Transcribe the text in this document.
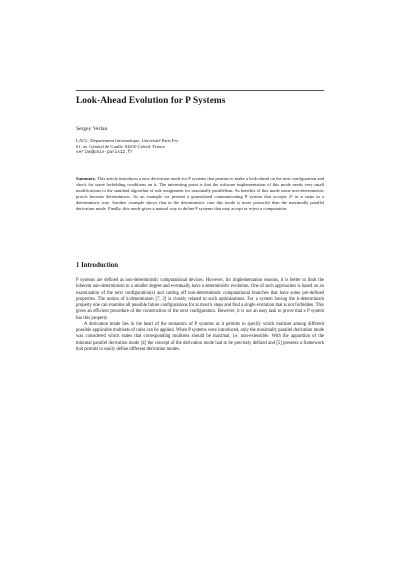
Look-Ahead Evolution for P Systems
Sergey Verlan
LACL, Département Informatique, Université Paris Est
61, av. Général de Gaulle, 94010 Créteil, France
verlan@univ-paris12.fr
Summary. This article introduces a new derivation mode for P systems that permits to make a look-ahead on the next configuration and check for some forbidding conditions on it. The interesting point is that the software implementation of this mode needs very small modifications to the standard algorithm of rule assignment for maximally parallelism. As benefits of this mode some non-deterministic proofs become deterministic. As an example we present a generalized communicating P system that accepts 2ⁿ in n steps in a deterministic way. Another example shows that in the deterministic case this mode is more powerful than the maximally parallel derivation mode. Finally, this mode gives a natural way to define P systems that may accept or reject a computation.
1 Introduction

P systems are defined as non-deterministic computational devices. However, for implementation reasons, it is better to limit the inherent non-determinism to a smaller degree and eventually have a deterministic evolution. One of such approaches is based on an examination of the next configuration(s) and cutting off non-deterministic computational branches that have some pre-defined properties. The notion of k-determinism [7, 2] is closely related to such optimizations. For a system having the k-determinism property one can examine all possible future configurations for at most k steps and find a single evolution that is not forbidden. This gives an efficient procedure of the construction of the next configuration. However, it is not an easy task to prove that a P system has this property.

A derivation mode lies in the heart of the semantics of P systems as it permits to specify which multiset among different possible applicable multisets of rules can be applied. When P systems were introduced, only the maximally parallel derivation mode was considered which states that corresponding multisets should be maximal, i.e. non-extensible. With the apparition of the minimal parallel derivation mode [4] the concept of the derivation mode had to be precisely defined and [5] presents a framework that permits to easily define different derivation modes.
